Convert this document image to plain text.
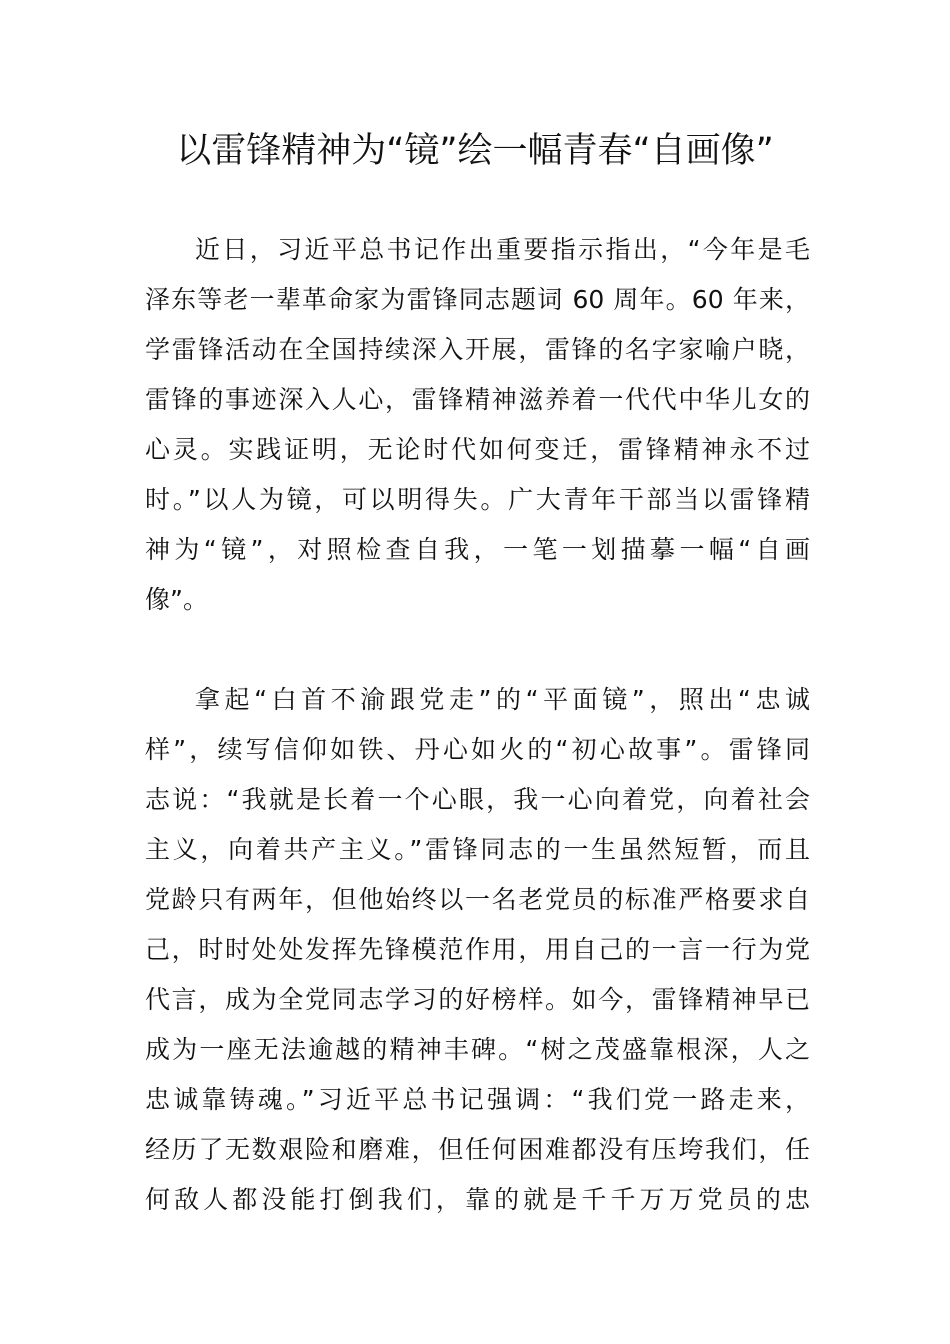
以雷锋精神为“镜”绘一幅青春“自画像”
近日，习近平总书记作出重要指示指出，“今年是毛
泽东等老一辈革命家为雷锋同志题词 60 周年。60 年来，
学雷锋活动在全国持续深入开展，雷锋的名字家喻户晓，
雷锋的事迹深入人心，雷锋精神滋养着一代代中华儿女的
心灵。实践证明，无论时代如何变迁，雷锋精神永不过
时。”以人为镜，可以明得失。广大青年干部当以雷锋精
神为“镜”，对照检查自我，一笔一划描摹一幅“自画
像”。
拿起“白首不渝跟党走”的“平面镜”，照出“忠诚
样”，续写信仰如铁、丹心如火的“初心故事”。雷锋同
志说：“我就是长着一个心眼，我一心向着党，向着社会
主义，向着共产主义。”雷锋同志的一生虽然短暂，而且
党龄只有两年，但他始终以一名老党员的标准严格要求自
己，时时处处发挥先锋模范作用，用自己的一言一行为党
代言，成为全党同志学习的好榜样。如今，雷锋精神早已
成为一座无法逾越的精神丰碑。“树之茂盛靠根深，人之
忠诚靠铸魂。”习近平总书记强调：“我们党一路走来，
经历了无数艰险和磨难，但任何困难都没有压垮我们，任
何敌人都没能打倒我们，靠的就是千千万万党员的忠
